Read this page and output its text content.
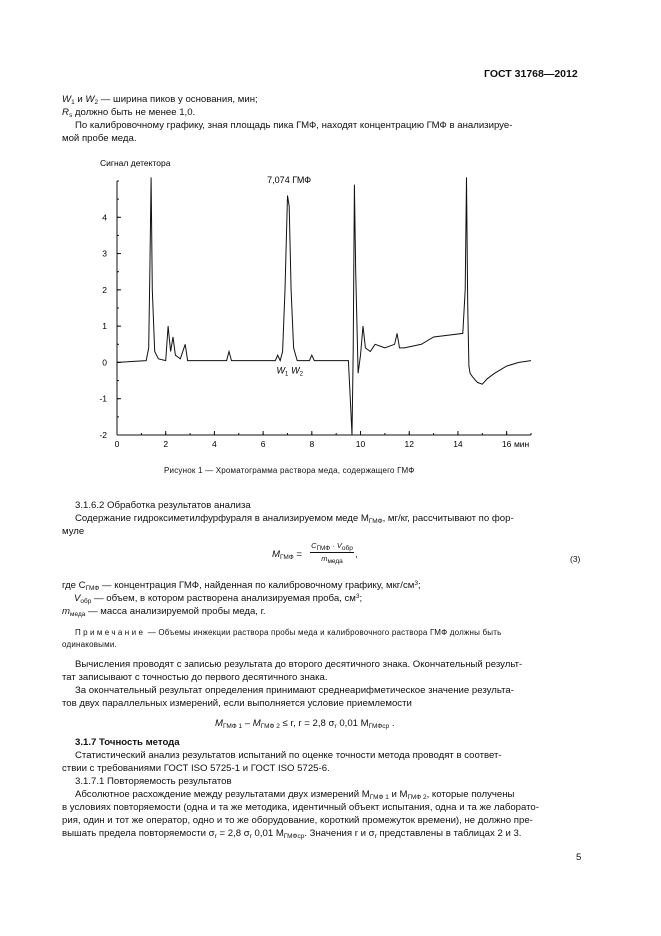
ГОСТ 31768—2012
$W_1$ и $W_2$ — ширина пиков у основания, мин;
$R_s$ должно быть не менее 1,0.
По калибровочному графику, зная площадь пика ГМФ, находят концентрацию ГМФ в анализируе-
мой пробе меда.
Сигнал детектора
-2
-1
0
1
2
3
4
0	2	4	6	8	10	12	14	16
7,074 ГМФ
$W_1$ $W_2$
мин
Рисунок 1 — Хроматограмма раствора меда, содержащего ГМФ
3.1.6.2 Обработка результатов анализа
Содержание гидроксиметилфурфураля в анализируемом меде $M_{ГМФ}$, мг/кг, рассчитывают по фор-
муле
$M_{ГМФ}$ =
$C_{ГМФ} \cdot V_{обр}$
$m_{меда}$
,	(3)
где $C_{ГМФ}$ — концентрация ГМФ, найденная по калибровочному графику, мкг/$см^3$;
$V_{обр}$ — объем, в котором растворена анализируемая проба, $см^3$;
$m_{меда}$ — масса анализируемой пробы меда, г.
Примечание — Объемы инжекции раствора пробы меда и калибровочного раствора ГМФ должны быть
одинаковыми.
Вычисления проводят с записью результата до второго десятичного знака. Окончательный результ-
тат записывают с точностью до первого десятичного знака.
За окончательный результат определения принимают среднеарифметическое значение результа-
тов двух параллельных измерений, если выполняется условие приемлемости
$M_{ГМФ 1} - M_{ГМФ 2} \le r$, r = 2,8 $\sigma_r$ 0,01 $M_{ГМФср}$ .
3.1.7 Точность метода
Статистический анализ результатов испытаний по оценке точности метода проводят в соответ-
ствии с требованиями ГОСТ ISO 5725-1 и ГОСТ ISO 5725-6.
3.1.7.1 Повторяемость результатов
Абсолютное расхождение между результатами двух измерений $M_{ГМФ 1}$ и $M_{ГМФ 2}$, которые получены
в условиях повторяемости (одна и та же методика, идентичный объект испытания, одна и та же лаборато-
рия, один и тот же оператор, одно и то же оборудование, короткий промежуток времени), не должно пре-
вышать предела повторяемости $\sigma_r = 2,8$ $\sigma_r$ 0,01 $M_{ГМФср}$. Значения r и $\sigma_r$ представлены в таблицах 2 и 3.
5
